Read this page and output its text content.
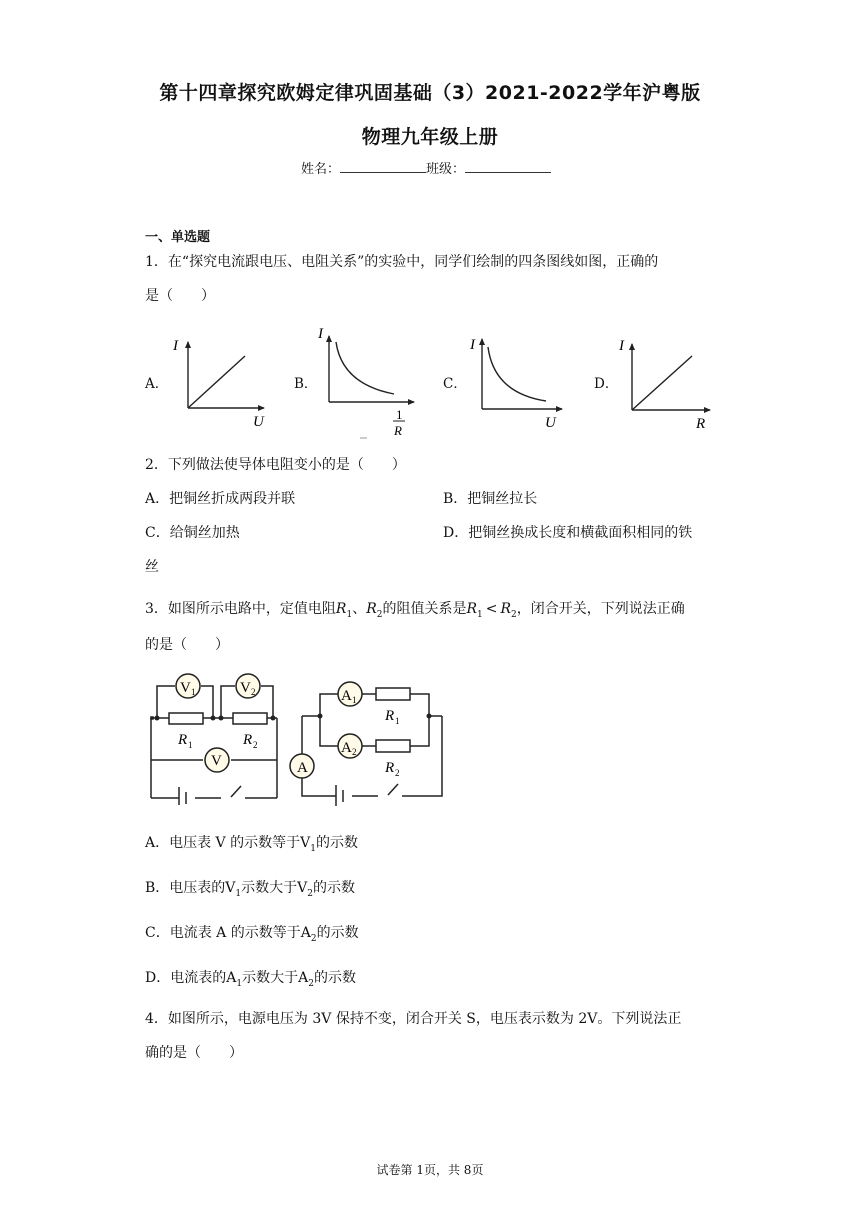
第十四章探究欧姆定律巩固基础（3）2021-2022学年沪粤版
物理九年级上册
姓名：	班级：
一、单选题
1．在“探究电流跟电压、电阻关系”的实验中，同学们绘制的四条图线如图，正确的
是（　　）
A．	B．	C．	D．
I
U
I
1
R
I
U
I
R
2．下列做法使导体电阻变小的是（　　）
A．把铜丝折成两段并联	B．把铜丝拉长
C．给铜丝加热	D．把铜丝换成长度和横截面积相同的铁
丝
3．如图所示电路中，定值电阻$R_1$、$R_2$的阻值关系是$R_1 < R_2$，闭合开关，下列说法正确
的是（　　）
V 1	V 2
V
R 1	R 2
A 1
A 2
A
R 1
R 2
A．电压表 V 的示数等于$V_1$的示数
B．电压表的$V_1$示数大于$V_2$的示数
C．电流表 A 的示数等于$A_2$的示数
D．电流表的$A_1$示数大于$A_2$的示数
4．如图所示，电源电压为 3V 保持不变，闭合开关 S，电压表示数为 2V。下列说法正
确的是（　　）
试卷第 1页，共 8页
